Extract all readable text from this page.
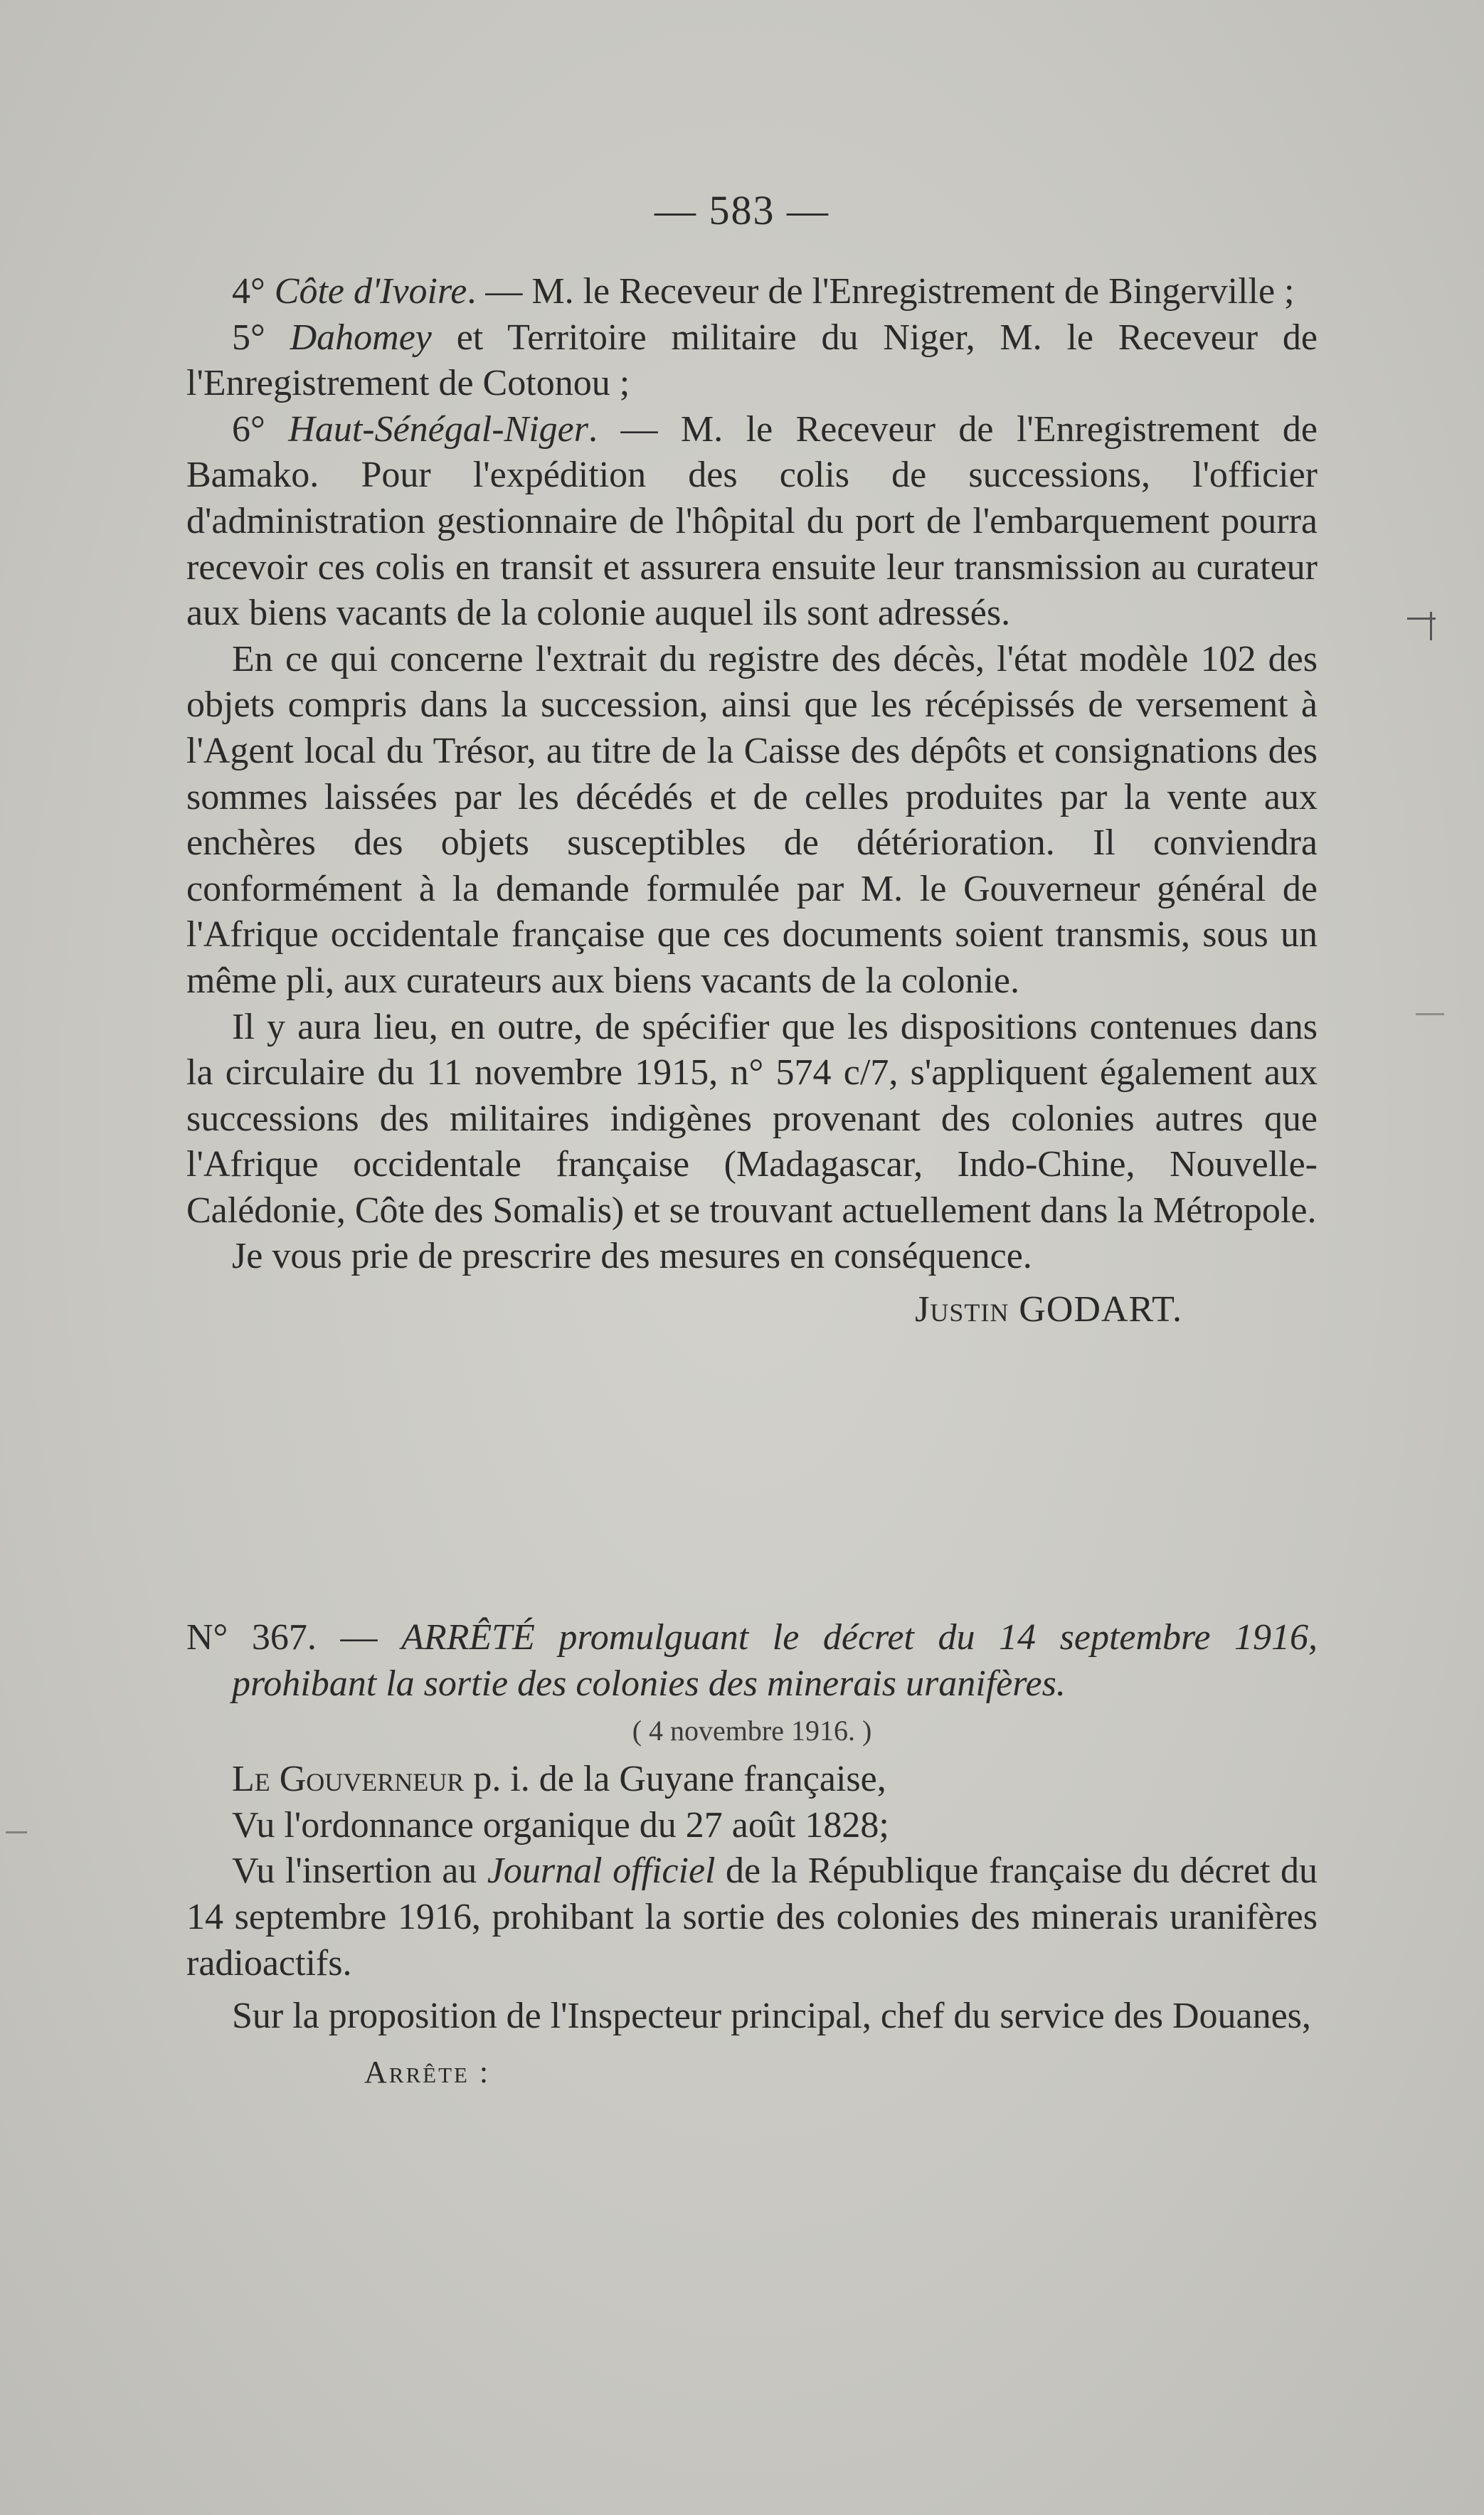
— 583 —

4° Côte d'Ivoire. — M. le Receveur de l'Enregistrement de Bingerville ;

5° Dahomey et Territoire militaire du Niger, M. le Receveur de l'Enregistrement de Cotonou ;

6° Haut-Sénégal-Niger. — M. le Receveur de l'Enregistrement de Bamako. Pour l'expédition des colis de successions, l'officier d'administration gestionnaire de l'hôpital du port de l'embarquement pourra recevoir ces colis en transit et assurera ensuite leur transmission au curateur aux biens vacants de la colonie auquel ils sont adressés.

En ce qui concerne l'extrait du registre des décès, l'état modèle 102 des objets compris dans la succession, ainsi que les récépissés de versement à l'Agent local du Trésor, au titre de la Caisse des dépôts et consignations des sommes laissées par les décédés et de celles produites par la vente aux enchères des objets susceptibles de détérioration. Il conviendra conformément à la demande formulée par M. le Gouverneur général de l'Afrique occidentale française que ces documents soient transmis, sous un même pli, aux curateurs aux biens vacants de la colonie.

Il y aura lieu, en outre, de spécifier que les dispositions contenues dans la circulaire du 11 novembre 1915, n° 574 c/7, s'appliquent également aux successions des militaires indigènes provenant des colonies autres que l'Afrique occidentale française (Madagascar, Indo-Chine, Nouvelle-Calédonie, Côte des Somalis) et se trouvant actuellement dans la Métropole.

Je vous prie de prescrire des mesures en conséquence.

Justin GODART.

N° 367. — ARRÊTÉ promulguant le décret du 14 septembre 1916, prohibant la sortie des colonies des minerais uranifères.

( 4 novembre 1916. )

Le Gouverneur p. i. de la Guyane française,

Vu l'ordonnance organique du 27 août 1828;

Vu l'insertion au Journal officiel de la République française du décret du 14 septembre 1916, prohibant la sortie des colonies des minerais uranifères radioactifs.

Sur la proposition de l'Inspecteur principal, chef du service des Douanes,

Arrête :
